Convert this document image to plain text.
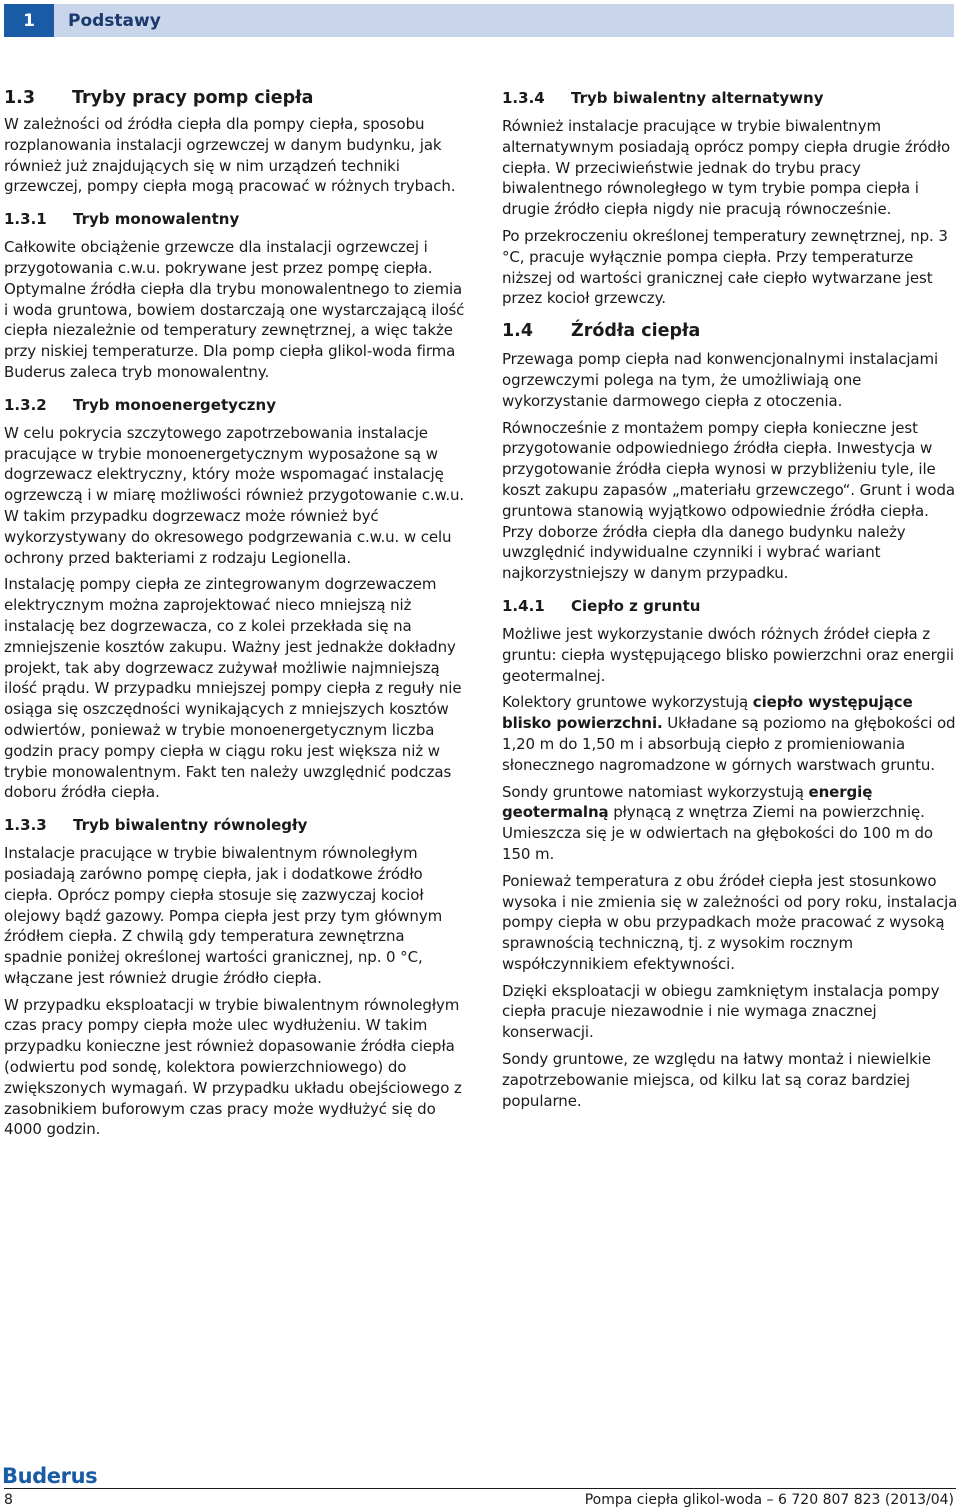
1	Podstawy
1.3	Tryby pracy pomp ciepła

W zależności od źródła ciepła dla pompy ciepła, sposobu rozplanowania instalacji ogrzewczej w danym budynku, jak również już znajdujących się w nim urządzeń techniki grzewczej, pompy ciepła mogą pracować w różnych trybach.

1.3.1	Tryb monowalentny

Całkowite obciążenie grzewcze dla instalacji ogrzewczej i przygotowania c.w.u. pokrywane jest przez pompę ciepła. Optymalne źródła ciepła dla trybu monowalentnego to ziemia i woda gruntowa, bowiem dostarczają one wystarczającą ilość ciepła niezależnie od temperatury zewnętrznej, a więc także przy niskiej temperaturze. Dla pomp ciepła glikol-woda firma Buderus zaleca tryb monowalentny.

1.3.2	Tryb monoenergetyczny

W celu pokrycia szczytowego zapotrzebowania instalacje pracujące w trybie monoenergetycznym wyposażone są w dogrzewacz elektryczny, który może wspomagać instalację ogrzewczą i w miarę możliwości również przygotowanie c.w.u. W takim przypadku dogrzewacz może również być wykorzystywany do okresowego podgrzewania c.w.u. w celu ochrony przed bakteriami z rodzaju Legionella.

Instalację pompy ciepła ze zintegrowanym dogrzewaczem elektrycznym można zaprojektować nieco mniejszą niż instalację bez dogrzewacza, co z kolei przekłada się na zmniejszenie kosztów zakupu. Ważny jest jednakże dokładny projekt, tak aby dogrzewacz zużywał możliwie najmniejszą ilość prądu. W przypadku mniejszej pompy ciepła z reguły nie osiąga się oszczędności wynikających z mniejszych kosztów odwiertów, ponieważ w trybie monoenergetycznym liczba godzin pracy pompy ciepła w ciągu roku jest większa niż w trybie monowalentnym. Fakt ten należy uwzględnić podczas doboru źródła ciepła.

1.3.3	Tryb biwalentny równoległy

Instalacje pracujące w trybie biwalentnym równoległym posiadają zarówno pompę ciepła, jak i dodatkowe źródło ciepła. Oprócz pompy ciepła stosuje się zazwyczaj kocioł olejowy bądź gazowy. Pompa ciepła jest przy tym głównym źródłem ciepła. Z chwilą gdy temperatura zewnętrzna spadnie poniżej określonej wartości granicznej, np. 0 °C, włączane jest również drugie źródło ciepła.

W przypadku eksploatacji w trybie biwalentnym równoległym czas pracy pompy ciepła może ulec wydłużeniu. W takim przypadku konieczne jest również dopasowanie źródła ciepła (odwiertu pod sondę, kolektora powierzchniowego) do zwiększonych wymagań. W przypadku układu obejściowego z zasobnikiem buforowym czas pracy może wydłużyć się do 4000 godzin.

1.3.4	Tryb biwalentny alternatywny

Również instalacje pracujące w trybie biwalentnym alternatywnym posiadają oprócz pompy ciepła drugie źródło ciepła. W przeciwieństwie jednak do trybu pracy biwalentnego równoległego w tym trybie pompa ciepła i drugie źródło ciepła nigdy nie pracują równocześnie.

Po przekroczeniu określonej temperatury zewnętrznej, np. 3 °C, pracuje wyłącznie pompa ciepła. Przy temperaturze niższej od wartości granicznej całe ciepło wytwarzane jest przez kocioł grzewczy.

1.4	Źródła ciepła

Przewaga pomp ciepła nad konwencjonalnymi instalacjami ogrzewczymi polega na tym, że umożliwiają one wykorzystanie darmowego ciepła z otoczenia.

Równocześnie z montażem pompy ciepła konieczne jest przygotowanie odpowiedniego źródła ciepła. Inwestycja w przygotowanie źródła ciepła wynosi w przybliżeniu tyle, ile koszt zakupu zapasów „materiału grzewczego“. Grunt i woda gruntowa stanowią wyjątkowo odpowiednie źródła ciepła. Przy doborze źródła ciepła dla danego budynku należy uwzględnić indywidualne czynniki i wybrać wariant najkorzystniejszy w danym przypadku.

1.4.1	Ciepło z gruntu

Możliwe jest wykorzystanie dwóch różnych źródeł ciepła z gruntu: ciepła występującego blisko powierzchni oraz energii geotermalnej.

Kolektory gruntowe wykorzystują ciepło występujące blisko powierzchni. Układane są poziomo na głębokości od 1,20 m do 1,50 m i absorbują ciepło z promieniowania słonecznego nagromadzone w górnych warstwach gruntu.

Sondy gruntowe natomiast wykorzystują energię geotermalną płynącą z wnętrza Ziemi na powierzchnię. Umieszcza się je w odwiertach na głębokości do 100 m do 150 m.

Ponieważ temperatura z obu źródeł ciepła jest stosunkowo wysoka i nie zmienia się w zależności od pory roku, instalacja pompy ciepła w obu przypadkach może pracować z wysoką sprawnością techniczną, tj. z wysokim rocznym współczynnikiem efektywności.

Dzięki eksploatacji w obiegu zamkniętym instalacja pompy ciepła pracuje niezawodnie i nie wymaga znacznej konserwacji.

Sondy gruntowe, ze względu na łatwy montaż i niewielkie zapotrzebowanie miejsca, od kilku lat są coraz bardziej popularne.

Buderus
8	Pompa ciepła glikol-woda – 6 720 807 823 (2013/04)
